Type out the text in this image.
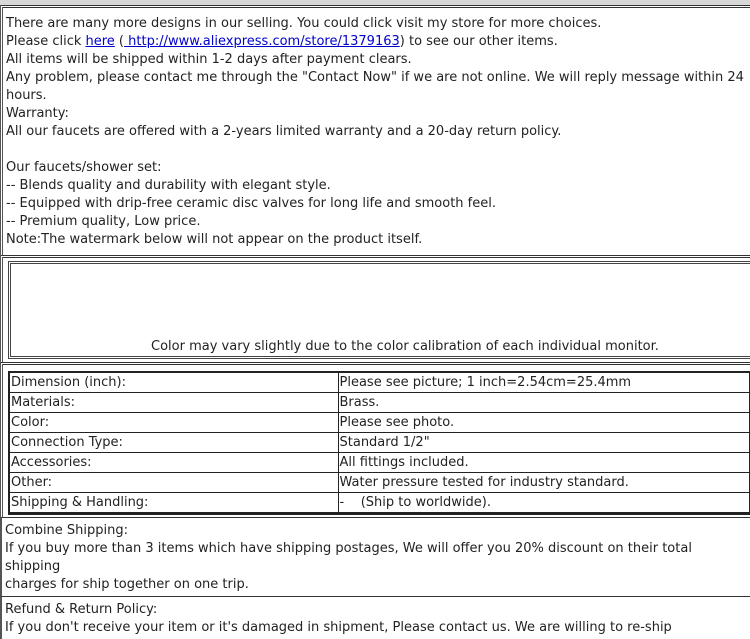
There are many more designs in our selling. You could click visit my store for more choices.
Please click here ( http://www.aliexpress.com/store/1379163) to see our other items.
All items will be shipped within 1-2 days after payment clears.
Any problem, please contact me through the "Contact Now" if we are not online. We will reply message within 24 hours.
Warranty:
All our faucets are offered with a 2-years limited warranty and a 20-day return policy.
Our faucets/shower set:
-- Blends quality and durability with elegant style.
-- Equipped with drip-free ceramic disc valves for long life and smooth feel.
-- Premium quality, Low price.
Note:The watermark below will not appear on the product itself.
Color may vary slightly due to the color calibration of each individual monitor.
Dimension (inch):	Please see picture; 1 inch=2.54cm=25.4mm
Materials:	Brass.
Color:	Please see photo.
Connection Type:	Standard 1/2"
Accessories:	All fittings included.
Other:	Water pressure tested for industry standard.
Shipping & Handling:	-    (Ship to worldwide).
Combine Shipping:
If you buy more than 3 items which have shipping postages, We will offer you 20% discount on their total shipping
charges for ship together on one trip.
Refund & Return Policy:
If you don't receive your item or it's damaged in shipment, Please contact us. We are willing to re-ship
